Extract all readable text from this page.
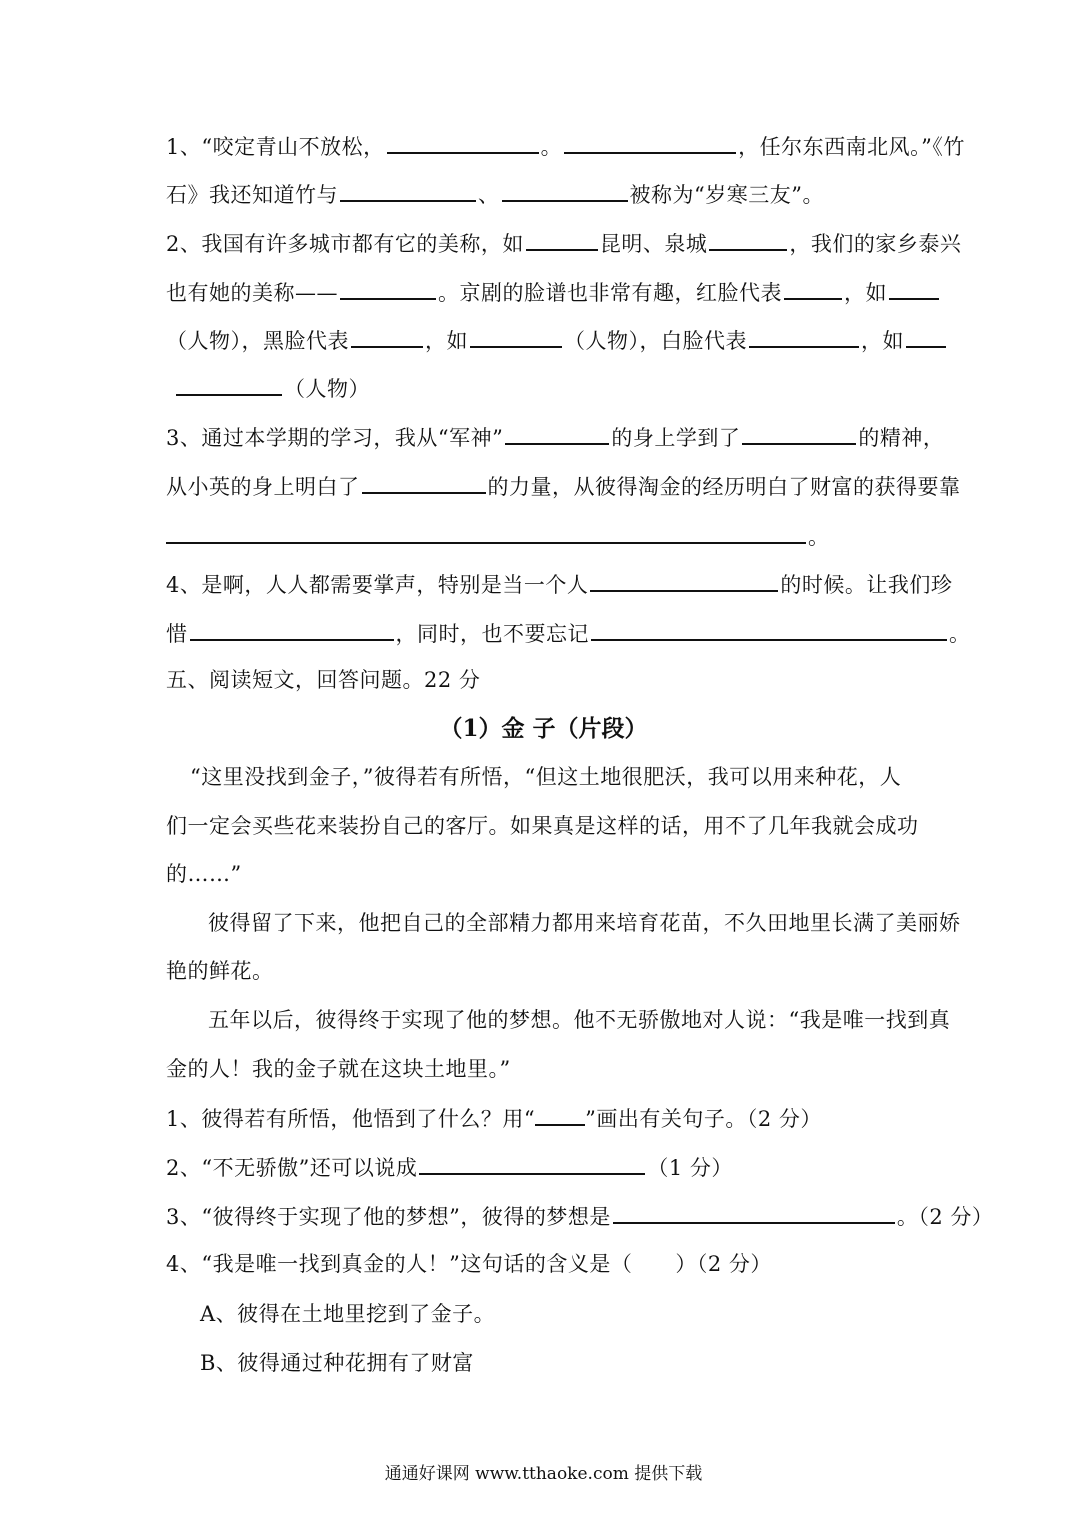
1、“咬定青山不放松，	。	，任尔东西南北风。”《竹
石》我还知道竹与	、	被称为“岁寒三友”。
2、我国有许多城市都有它的美称，如	昆明、泉城	，我们的家乡泰兴
也有她的美称——	。京剧的脸谱也非常有趣，红脸代表	，如
（人物），黑脸代表	，如	（人物），白脸代表	，如
（人物）
3、通过本学期的学习，我从“军神”	的身上学到了	的精神，
从小英的身上明白了	的力量，从彼得淘金的经历明白了财富的获得要靠
。
4、是啊，人人都需要掌声，特别是当一个人	的时候。让我们珍
惜	，同时，也不要忘记	。
五、阅读短文，回答问题。22 分
（1）金 子（片段）
“这里没找到金子，”彼得若有所悟，“但这土地很肥沃，我可以用来种花，人
们一定会买些花来装扮自己的客厅。如果真是这样的话，用不了几年我就会成功
的……”
彼得留了下来，他把自己的全部精力都用来培育花苗，不久田地里长满了美丽娇
艳的鲜花。
五年以后，彼得终于实现了他的梦想。他不无骄傲地对人说：“我是唯一找到真
金的人！我的金子就在这块土地里。”
1、彼得若有所悟，他悟到了什么？用“ ”画出有关句子。（2 分）
2、“不无骄傲”还可以说成	（1 分）
3、“彼得终于实现了他的梦想”，彼得的梦想是	。（2 分）
4、“我是唯一找到真金的人！”这句话的含义是（　　）（2 分）
A、彼得在土地里挖到了金子。
B、彼得通过种花拥有了财富
通通好课网 www.tthaoke.com 提供下载
